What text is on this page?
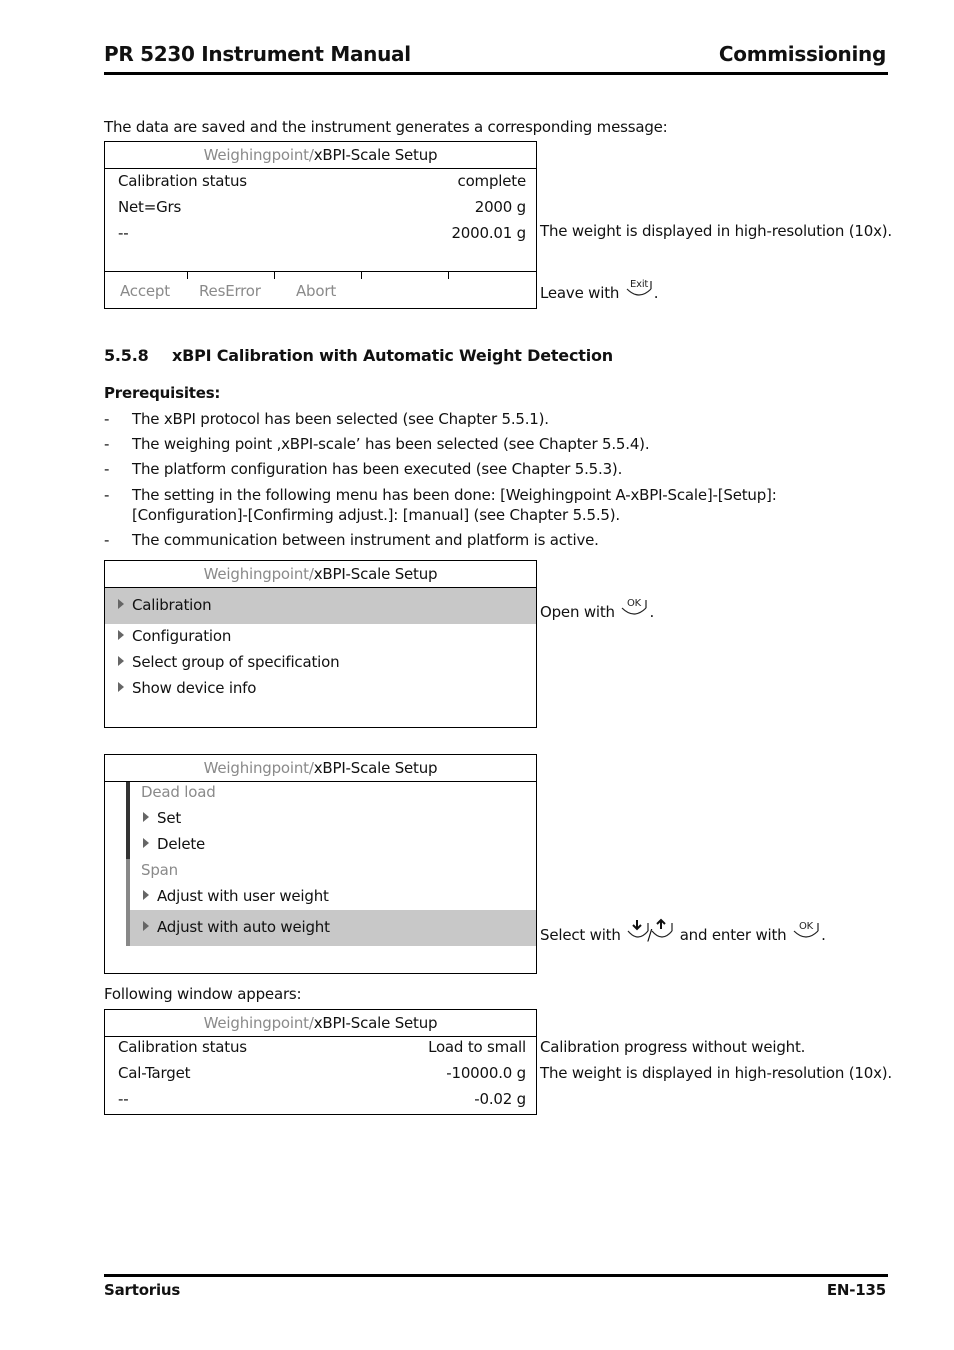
PR 5230 Instrument Manual	Commissioning
The data are saved and the instrument generates a corresponding message:
Weighingpoint/xBPI-Scale Setup
Calibration status	complete
Net=Grs	2000 g
--	2000.01 g
Accept ResError Abort
The weight is displayed in high-resolution (10x).
Leave with Exit .
5.5.8 xBPI Calibration with Automatic Weight Detection
Prerequisites:
- The xBPI protocol has been selected (see Chapter 5.5.1).
- The weighing point ‚xBPI-scale’ has been selected (see Chapter 5.5.4).
- The platform configuration has been executed (see Chapter 5.5.3).
- The setting in the following menu has been done: [Weighingpoint A-xBPI-Scale]-[Setup]:
[Configuration]-[Confirming adjust.]: [manual] (see Chapter 5.5.5).
- The communication between instrument and platform is active.
Weighingpoint/xBPI-Scale Setup
Calibration
Configuration
Select group of specification
Show device info
Open with OK .
Weighingpoint/xBPI-Scale Setup
Dead load
Set
Delete
Span
Adjust with user weight
Adjust with auto weight	Select with / and enter with OK .
Following window appears:
Weighingpoint/xBPI-Scale Setup
Calibration status	Load to small
Cal-Target	-10000.0 g
--	-0.02 g
Calibration progress without weight.
The weight is displayed in high-resolution (10x).
Sartorius	EN-135
